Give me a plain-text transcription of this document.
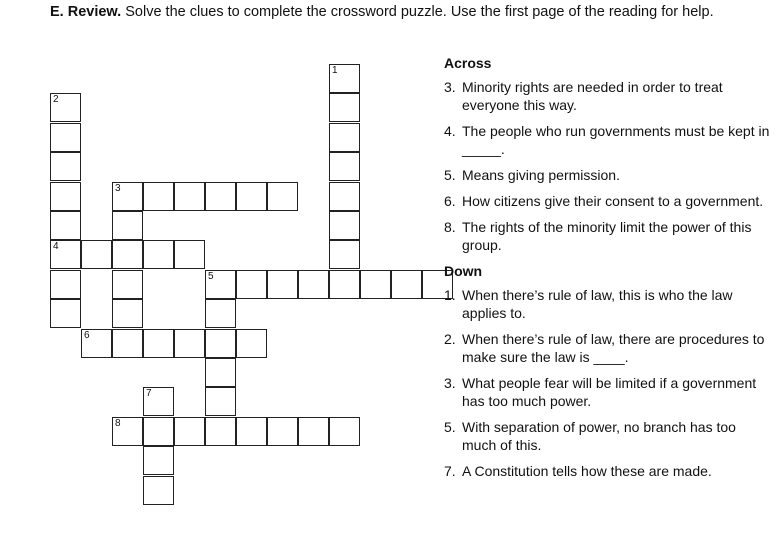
E. Review. Solve the clues to complete the crossword puzzle. Use the first page of the reading for help.
1
2
4
3
5
6
7
8
Across
3. Minority rights are needed in order to treat everyone this way.
4. The people who run governments must be kept in _____.
5. Means giving permission.
6. How citizens give their consent to a government.
8. The rights of the minority limit the power of this group.
Down
1. When there’s rule of law, this is who the law applies to.
2. When there’s rule of law, there are procedures to make sure the law is ____.
3. What people fear will be limited if a government has too much power.
5. With separation of power, no branch has too much of this.
7. A Constitution tells how these are made.
